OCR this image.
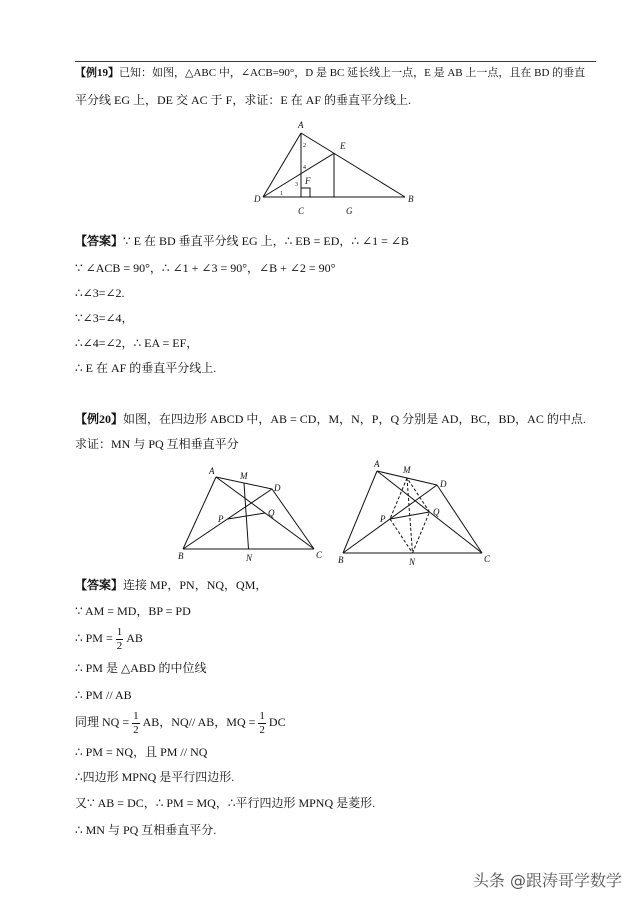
【例19】已知：如图，△ABC 中，∠ACB=90°，D 是 BC 延长线上一点，E 是 AB 上一点，且在 BD 的垂直
平分线 EG 上，DE 交 AC 于 F，求证：E 在 AF 的垂直平分线上.
A
E
D
C
B
G
F
1
2
3
4
【答案】∵ E 在 BD 垂直平分线 EG 上，∴ EB = ED，∴ ∠1 = ∠B
∵ ∠ACB = 90°，∴ ∠1 + ∠3 = 90°，∠B + ∠2 = 90°
∴∠3=∠2.
∵∠3=∠4，
∴∠4=∠2，∴ EA = EF，
∴ E 在 AF 的垂直平分线上.
【例20】如图，在四边形 ABCD 中，AB = CD，M，N，P，Q 分别是 AD，BC，BD，AC 的中点.
求证：MN 与 PQ 互相垂直平分
A	M
D
P
Q
B	N	C
A
M
D
P
Q
B	N	C
【答案】连接 MP，PN，NQ，QM，
∵ AM = MD，BP = PD
∴ PM = $\frac{1}{2}$ AB
∴ PM 是 △ABD 的中位线
∴ PM // AB
同理 NQ = $\frac{1}{2}$ AB，NQ// AB，MQ = $\frac{1}{2}$ DC
∴ PM = NQ，且 PM // NQ
∴四边形 MPNQ 是平行四边形.
又∵ AB = DC，∴ PM = MQ，∴平行四边形 MPNQ 是菱形.
∴ MN 与 PQ 互相垂直平分.
头条 @跟涛哥学数学
